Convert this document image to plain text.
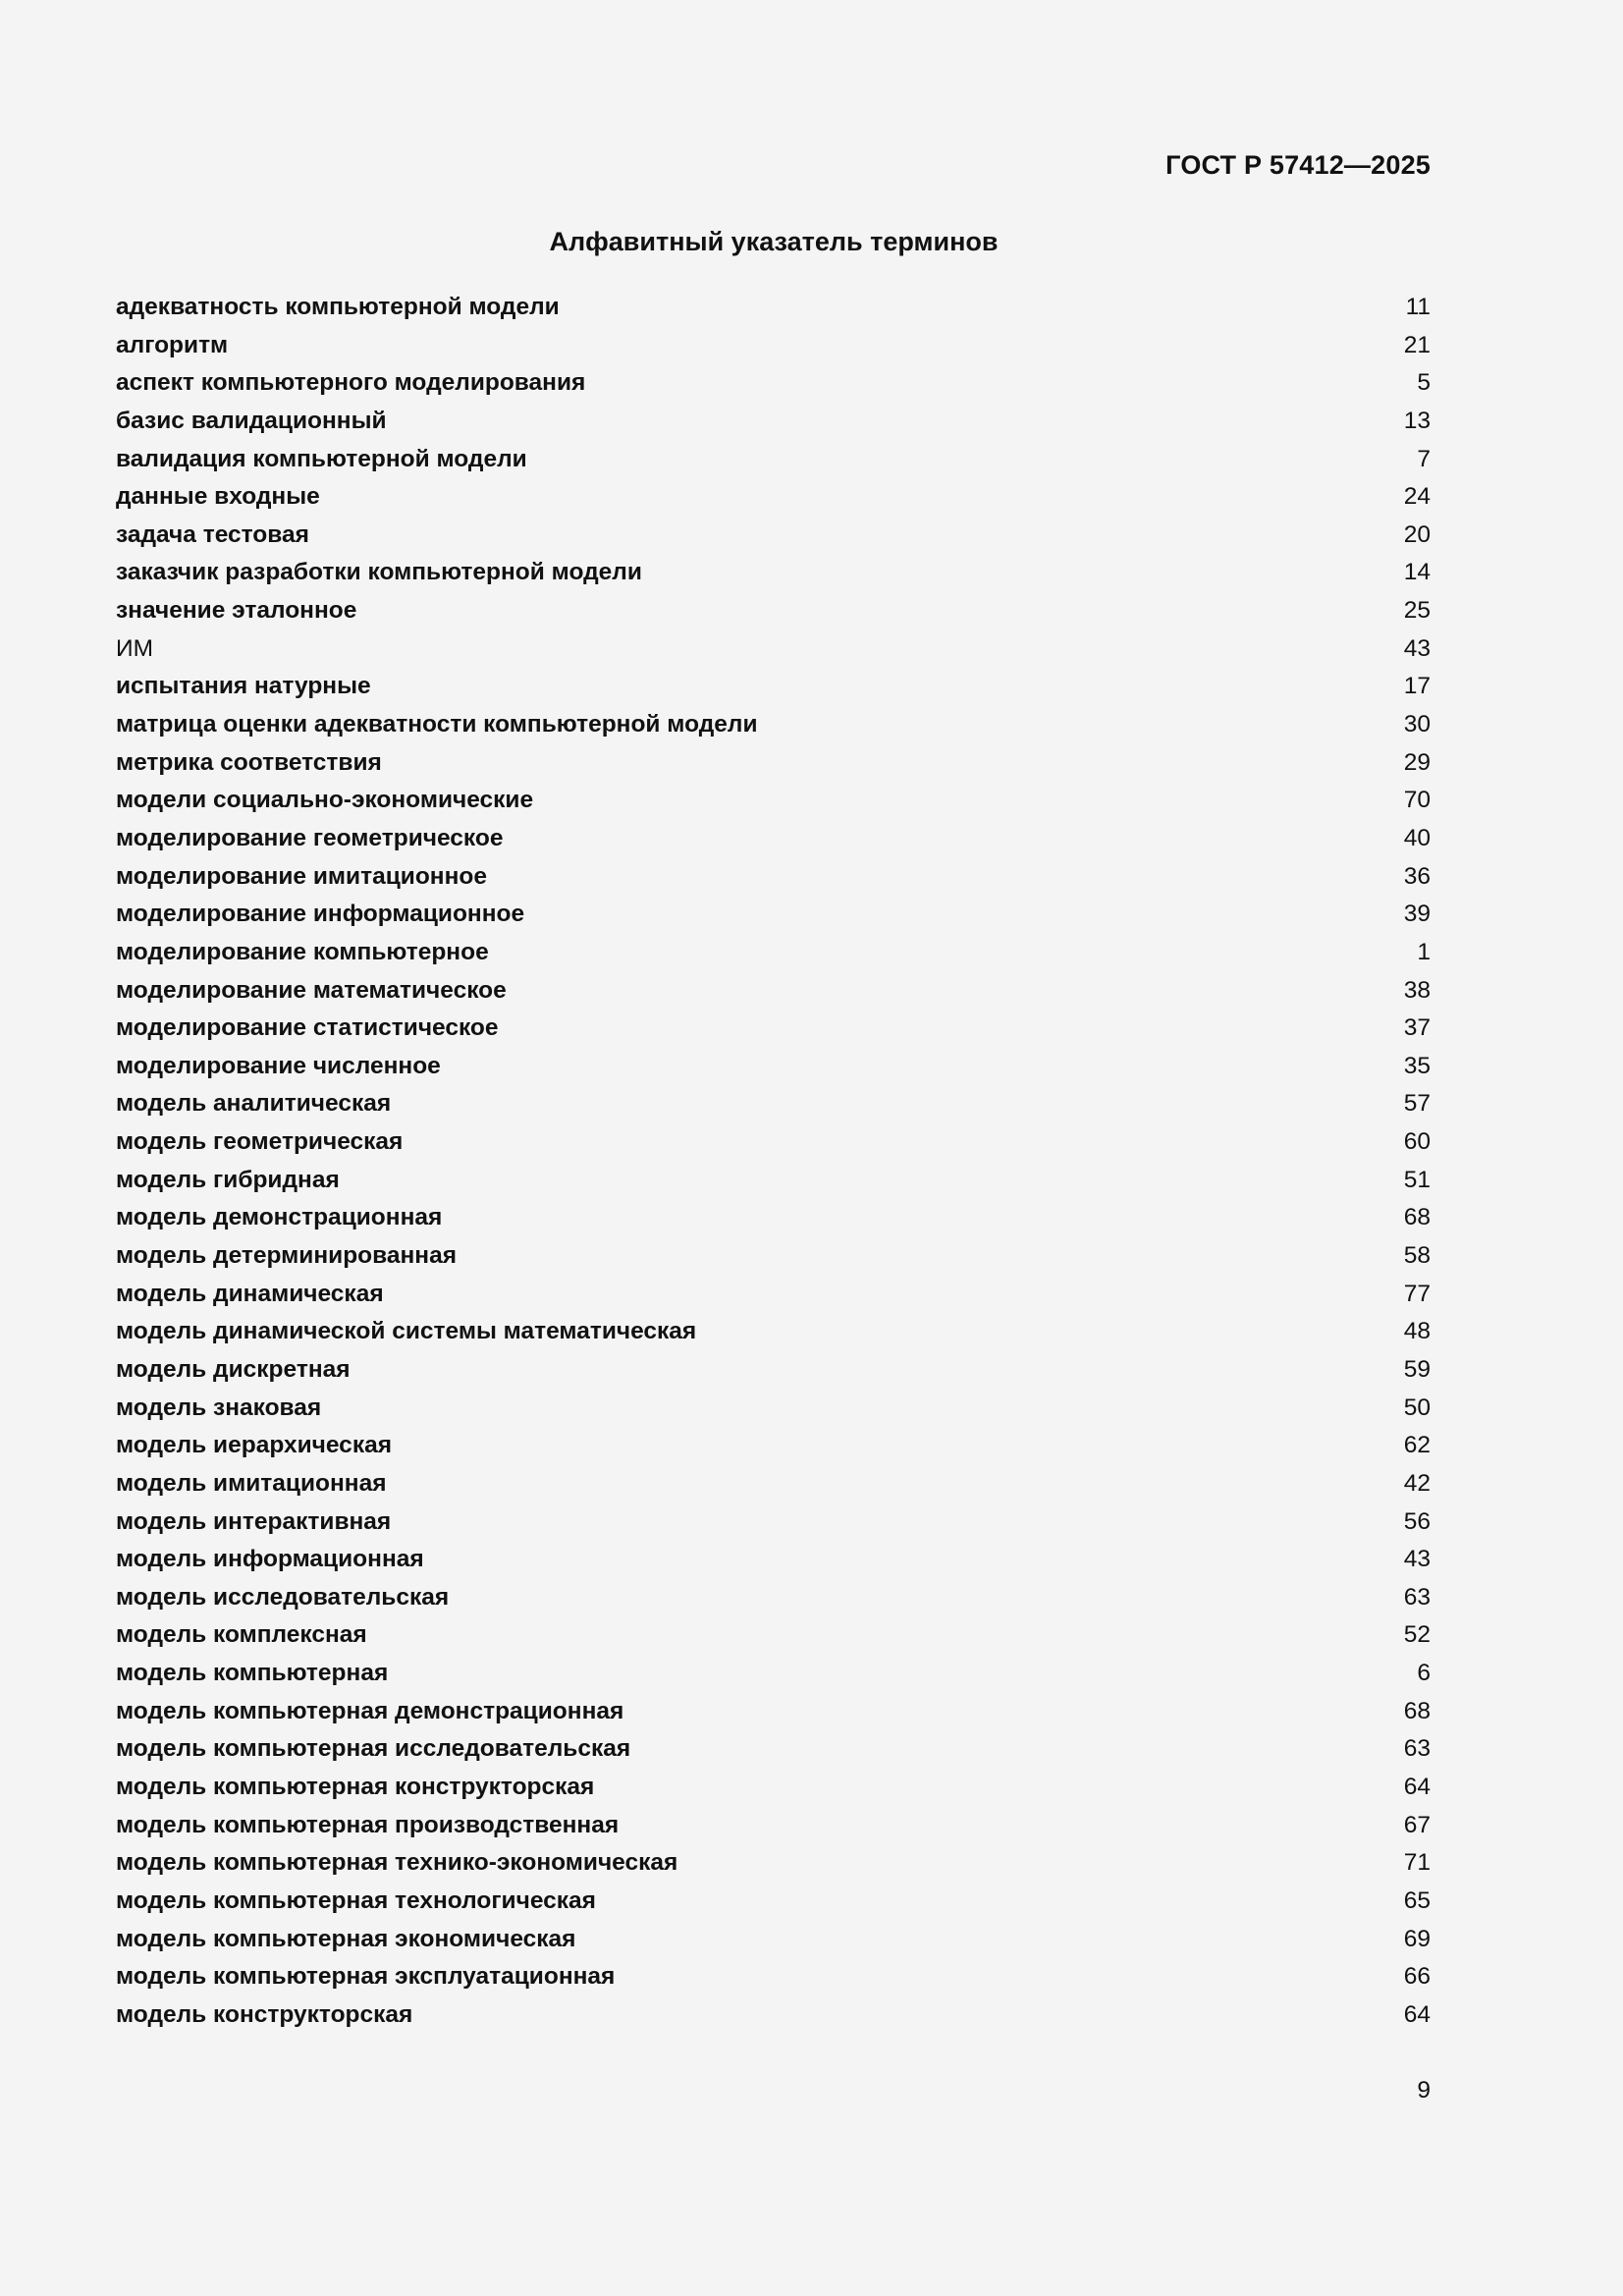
ГОСТ Р 57412—2025
Алфавитный указатель терминов
адекватность компьютерной модели	11
алгоритм	21
аспект компьютерного моделирования	5
базис валидационный	13
валидация компьютерной модели	7
данные входные	24
задача тестовая	20
заказчик разработки компьютерной модели	14
значение эталонное	25
ИМ	43
испытания натурные	17
матрица оценки адекватности компьютерной модели	30
метрика соответствия	29
модели социально-экономические	70
моделирование геометрическое	40
моделирование имитационное	36
моделирование информационное	39
моделирование компьютерное	1
моделирование математическое	38
моделирование статистическое	37
моделирование численное	35
модель аналитическая	57
модель геометрическая	60
модель гибридная	51
модель демонстрационная	68
модель детерминированная	58
модель динамическая	77
модель динамической системы математическая	48
модель дискретная	59
модель знаковая	50
модель иерархическая	62
модель имитационная	42
модель интерактивная	56
модель информационная	43
модель исследовательская	63
модель комплексная	52
модель компьютерная	6
модель компьютерная демонстрационная	68
модель компьютерная исследовательская	63
модель компьютерная конструкторская	64
модель компьютерная производственная	67
модель компьютерная технико-экономическая	71
модель компьютерная технологическая	65
модель компьютерная экономическая	69
модель компьютерная эксплуатационная	66
модель конструкторская	64
9
